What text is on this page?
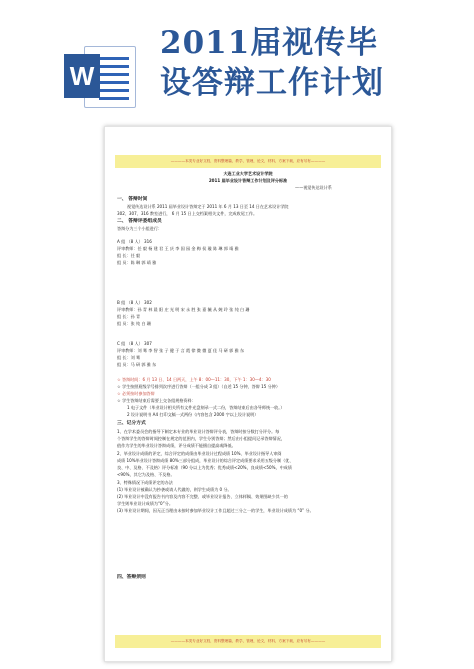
W
2011届视传毕
设答辩工作计划
————本类专业好文档，资料整理篇，教学，管理，论文，材料，方案下载，应有尽有————
大连工业大学艺术设计学院
2011 届毕业设计答辩工作计划及评分标准
——视觉传达设计系
一、 答辩时间
视觉传达设计系 2011 届毕业设计答辩定于 2011 年 6 月 13 日至 14 日在艺术设计学院
302、307、316 教室进行， 6 月 15 日上交档案相关文件，完成收尾工作。
二、 答辩评委组成员
答辩分为三个小组进行：
A 组 （8 人） 316
评审教师：任 毅 杨 建 君 王 庆 李 国 园 金 梅 侯 璇 陈 琳 郭 靖 雅
组 长：任 毅
组 员：陈 琳 郭 靖 雅
B 组 （8 人） 302
评审教师：孙 青 林 晨 阳 庄 光 明 宋 永 胜 张 嘉 毓 从 婉 玲 张 纯 白 珊
组 长：孙 青
组 员：张 纯 白 珊
C 组 （8 人） 307
评审教师：刘 骞 李 智 张 子 健 于 言 霞 徐 微 微 夏 佳 马 研 郭 雅 东
组 长：刘 骞
组 员：马 研 郭 雅 东
☆ 答辩时间：6 月 13 日、14 日两天，上午 8：00—11：30，下午 1：30—4：30
☆ 学生按照班级学号排列次序进行答辩（一组分成 3 组）（自述 15 分钟，答辩 15 分钟）
☆ 必须按时参加答辩
☆ 学生答辩结束后需要上交各组规格资料：
1 电子文件（毕业设计相关所有文件光盘刻录一式二份，答辩结束后由各导师统一收。）
2 设计说明书 A4 打印文稿一式两份（内容包含 2000 字以上设计说明）
三、记分方式
1、在学术委员会的指导下制定本专业的毕业设计答辩评分表，答辩时按分数打分评分。每
个答辩学生的答辩时间控制在规定的范围内，学生分别答辩；然后由小组提问记录答辩情况，
值作为学生的毕业设计答辩成绩，评分成绩不能擅自提高或降低。
2、毕业设计成绩的评定，综合评定的成绩由毕业设计过程成绩 10%、毕业设计指导人审阅
成绩 10%毕业设计答辩成绩 80%三部分组成，毕业设计的综合评定成绩要求采用五级分制（优、
良、中、及格、不及格）评分标准（90 分以上为优秀；优秀成绩<20%，良成绩<50%，中成绩
<90%，其它为及格、不及格。
3、特殊情况下成绩评定的办法
(1) 毕业设计被确认为抄袭或请人代做的，则学生成绩为 0 分。
(2) 毕业设计中没有报告书内容及内容不完整、或毕业设计报告、立体样稿、效果图缺少其一的
学生则毕业设计成绩为“0”分。
(3) 毕业设计期间，因无正当理由未按时参加毕业设计工作且超过三分之一的学生，毕业设计成绩为 “0” 分。
四、答辩须则
————本类专业好文档，资料整理篇，教学，管理，论文，材料，方案下载，应有尽有————
